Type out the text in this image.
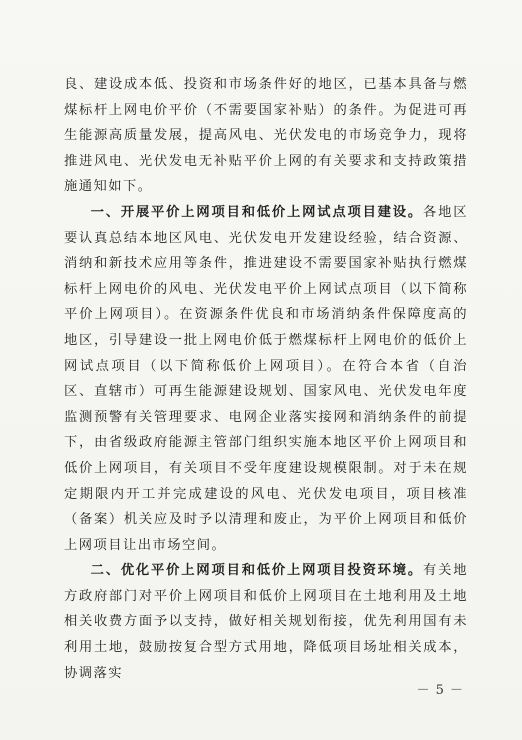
良、建设成本低、投资和市场条件好的地区，已基本具备与燃煤标杆上网电价平价（不需要国家补贴）的条件。为促进可再生能源高质量发展，提高风电、光伏发电的市场竞争力，现将推进风电、光伏发电无补贴平价上网的有关要求和支持政策措施通知如下。

一、开展平价上网项目和低价上网试点项目建设。各地区要认真总结本地区风电、光伏发电开发建设经验，结合资源、消纳和新技术应用等条件，推进建设不需要国家补贴执行燃煤标杆上网电价的风电、光伏发电平价上网试点项目（以下简称平价上网项目）。在资源条件优良和市场消纳条件保障度高的地区，引导建设一批上网电价低于燃煤标杆上网电价的低价上网试点项目（以下简称低价上网项目）。在符合本省（自治区、直辖市）可再生能源建设规划、国家风电、光伏发电年度监测预警有关管理要求、电网企业落实接网和消纳条件的前提下，由省级政府能源主管部门组织实施本地区平价上网项目和低价上网项目，有关项目不受年度建设规模限制。对于未在规定期限内开工并完成建设的风电、光伏发电项目，项目核准（备案）机关应及时予以清理和废止，为平价上网项目和低价上网项目让出市场空间。

二、优化平价上网项目和低价上网项目投资环境。有关地方政府部门对平价上网项目和低价上网项目在土地利用及土地相关收费方面予以支持，做好相关规划衔接，优先利用国有未利用土地，鼓励按复合型方式用地，降低项目场址相关成本，协调落实

－ 5 －
